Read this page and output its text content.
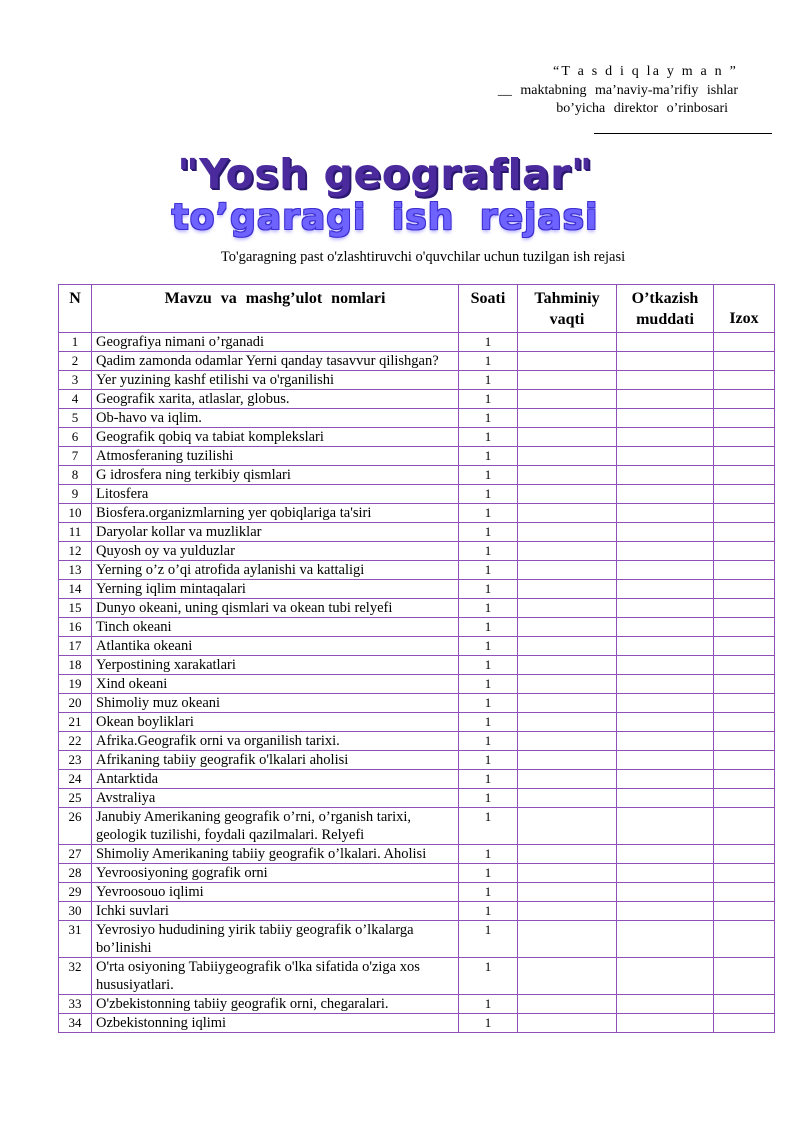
“T a s d i q la y m a n ”
__ maktabning ma’naviy-ma’rifiy ishlar
bo’yicha direktor o’rinbosari
"Yosh geograflar"
to’garagi ish rejasi
To'garagning past o'zlashtiruvchi o'quvchilar uchun tuzilgan ish rejasi
N	Mavzu va mashg’ulot nomlari	Soati	Tahminiy vaqti	O’tkazish muddati	Izox
1	Geografiya nimani o’rganadi	1			
2	Qadim zamonda odamlar Yerni qanday tasavvur qilishgan?	1			
3	Yer yuzining kashf etilishi va o'rganilishi	1			
4	Geografik xarita, atlaslar, globus.	1			
5	Ob-havo va iqlim.	1			
6	Geografik qobiq va tabiat komplekslari	1			
7	Atmosferaning tuzilishi	1			
8	G idrosfera ning terkibiy qismlari	1			
9	Litosfera	1			
10	Biosfera.organizmlarning yer qobiqlariga ta'siri	1			
11	Daryolar kollar va muzliklar	1			
12	Quyosh oy va yulduzlar	1			
13	Yerning o’z o’qi atrofida aylanishi va kattaligi	1			
14	Yerning iqlim mintaqalari	1			
15	Dunyo okeani, uning qismlari va okean tubi relyefi	1			
16	Tinch okeani	1			
17	Atlantika okeani	1			
18	Yerpostining xarakatlari	1			
19	Xind okeani	1			
20	Shimoliy muz okeani	1			
21	Okean boyliklari	1			
22	Afrika.Geografik orni va organilish tarixi.	1			
23	Afrikaning tabiiy geografik o'lkalari aholisi	1			
24	Antarktida	1			
25	Avstraliya	1			
26	Janubiy Amerikaning geografik o’rni, o’rganish tarixi, geologik tuzilishi, foydali qazilmalari. Relyefi	1			
27	Shimoliy Amerikaning tabiiy geografik o’lkalari. Aholisi	1			
28	Yevroosiyoning gografik orni	1			
29	Yevroosouo iqlimi	1			
30	Ichki suvlari	1			
31	Yevrosiyo hududining yirik tabiiy geografik o’lkalarga bo’linishi	1			
32	O'rta osiyoning Tabiiygeografik o'lka sifatida o'ziga xos hususiyatlari.	1			
33	O'zbekistonning tabiiy geografik orni, chegaralari.	1			
34	Ozbekistonning iqlimi	1			
